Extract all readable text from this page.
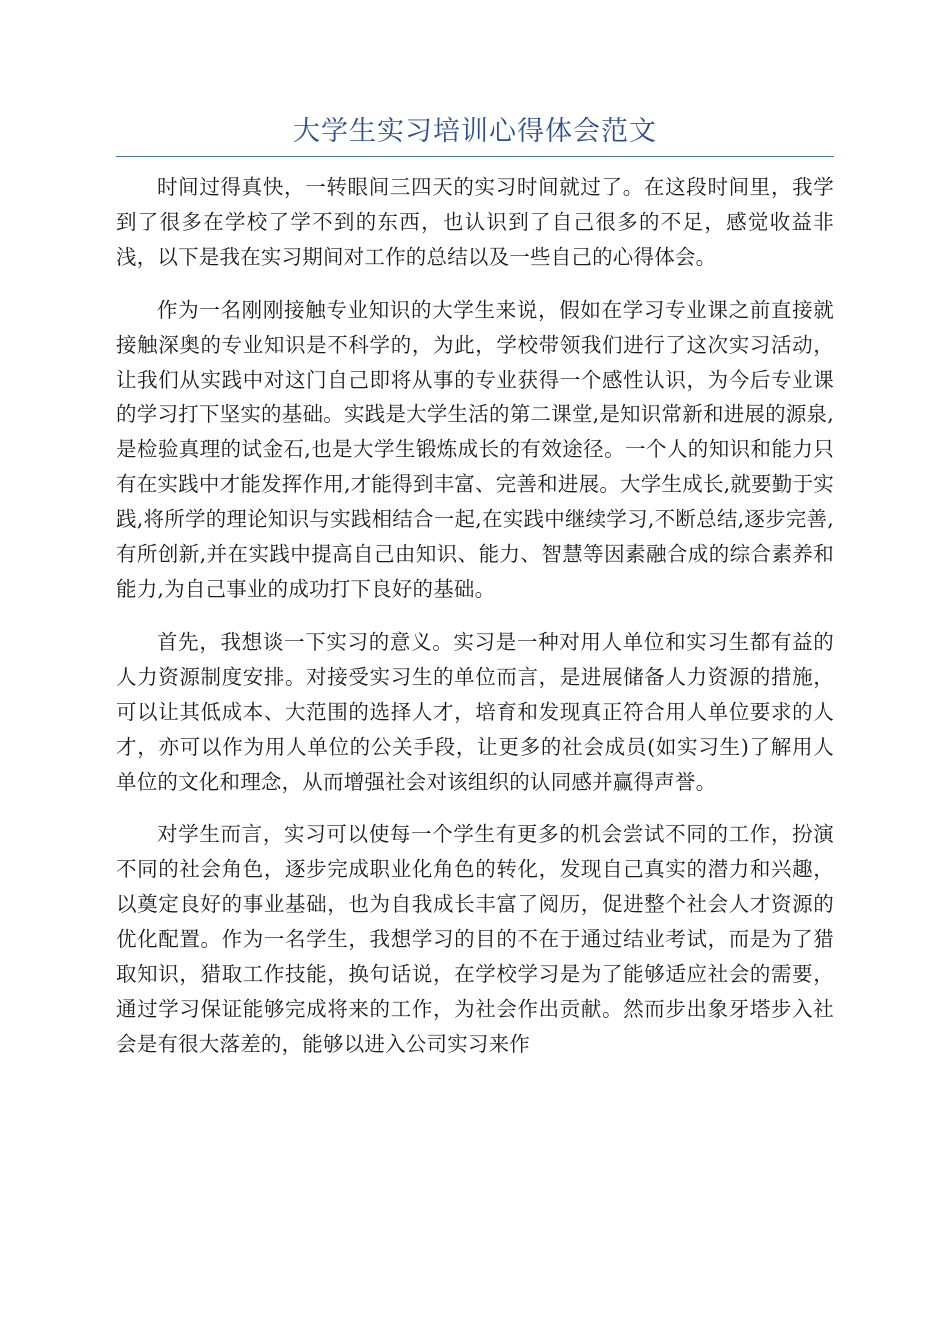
大学生实习培训心得体会范文

时间过得真快，一转眼间三四天的实习时间就过了。在这段时间里，我学到了很多在学校了学不到的东西，也认识到了自己很多的不足，感觉收益非浅，以下是我在实习期间对工作的总结以及一些自己的心得体会。

作为一名刚刚接触专业知识的大学生来说，假如在学习专业课之前直接就接触深奥的专业知识是不科学的，为此，学校带领我们进行了这次实习活动，让我们从实践中对这门自己即将从事的专业获得一个感性认识，为今后专业课的学习打下坚实的基础。实践是大学生活的第二课堂,是知识常新和进展的源泉,是检验真理的试金石,也是大学生锻炼成长的有效途径。一个人的知识和能力只有在实践中才能发挥作用,才能得到丰富、完善和进展。大学生成长,就要勤于实践,将所学的理论知识与实践相结合一起,在实践中继续学习,不断总结,逐步完善,有所创新,并在实践中提高自己由知识、能力、智慧等因素融合成的综合素养和能力,为自己事业的成功打下良好的基础。

首先，我想谈一下实习的意义。实习是一种对用人单位和实习生都有益的人力资源制度安排。对接受实习生的单位而言，是进展储备人力资源的措施，可以让其低成本、大范围的选择人才，培育和发现真正符合用人单位要求的人才，亦可以作为用人单位的公关手段，让更多的社会成员(如实习生)了解用人单位的文化和理念，从而增强社会对该组织的认同感并赢得声誉。

对学生而言，实习可以使每一个学生有更多的机会尝试不同的工作，扮演不同的社会角色，逐步完成职业化角色的转化，发现自己真实的潜力和兴趣，以奠定良好的事业基础，也为自我成长丰富了阅历，促进整个社会人才资源的优化配置。作为一名学生，我想学习的目的不在于通过结业考试，而是为了猎取知识，猎取工作技能，换句话说，在学校学习是为了能够适应社会的需要，通过学习保证能够完成将来的工作，为社会作出贡献。然而步出象牙塔步入社会是有很大落差的，能够以进入公司实习来作
